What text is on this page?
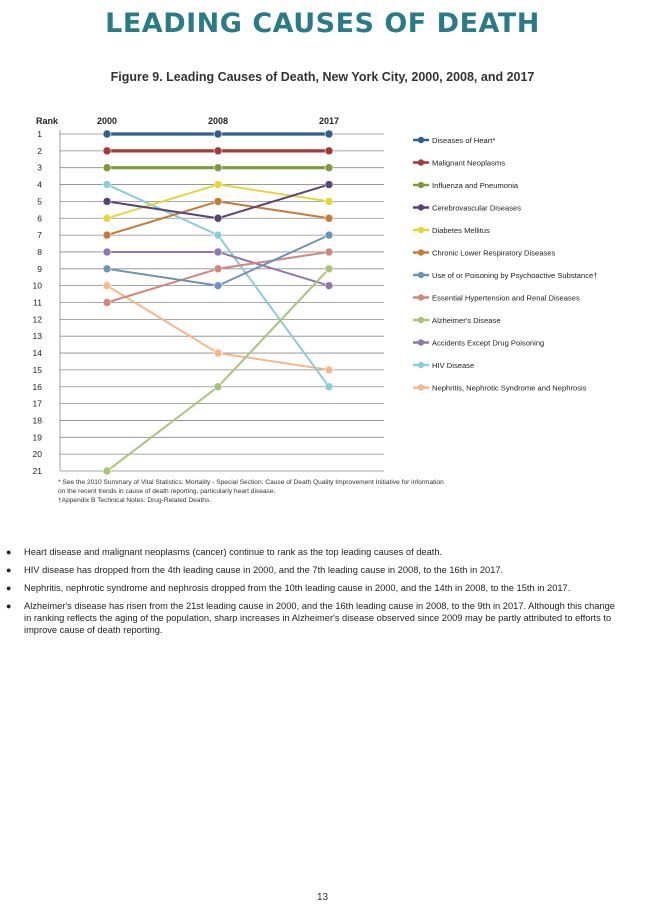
LEADING CAUSES OF DEATH
Figure 9. Leading Causes of Death, New York City, 2000, 2008, and 2017
1
2
3
4
5
6
7
8
9
10
11
12
13
14
15
16
17
18
19
20
21
Rank	2000	2008	2017
Diseases of Heart*
Malignant Neoplasms
Influenza and Pneumonia
Cerebrovascular Diseases
Diabetes Mellitus
Chronic Lower Respiratory Diseases
Use of or Poisoning by Psychoactive Substance†
Essential Hypertension and Renal Diseases
Alzheimer's Disease
Accidents Except Drug Poisoning
HIV Disease
Nephritis, Nephrotic Syndrome and Nephrosis
* See the 2010 Summary of Vital Statistics: Mortality - Special Section: Cause of Death Quality Improvement Initiative for information
on the recent trends in cause of death reporting, particularly heart disease.
†Appendix B Technical Notes: Drug-Related Deaths.
● Heart disease and malignant neoplasms (cancer) continue to rank as the top leading causes of death.
● HIV disease has dropped from the 4th leading cause in 2000, and the 7th leading cause in 2008, to the 16th in 2017.
● Nephritis, nephrotic syndrome and nephrosis dropped from the 10th leading cause in 2000, and the 14th in 2008, to the 15th in 2017.
● Alzheimer's disease has risen from the 21st leading cause in 2000, and the 16th leading cause in 2008, to the 9th in 2017. Although this change in ranking reflects the aging of the population, sharp increases in Alzheimer's disease observed since 2009 may be partly attributed to efforts to improve cause of death reporting.
13
